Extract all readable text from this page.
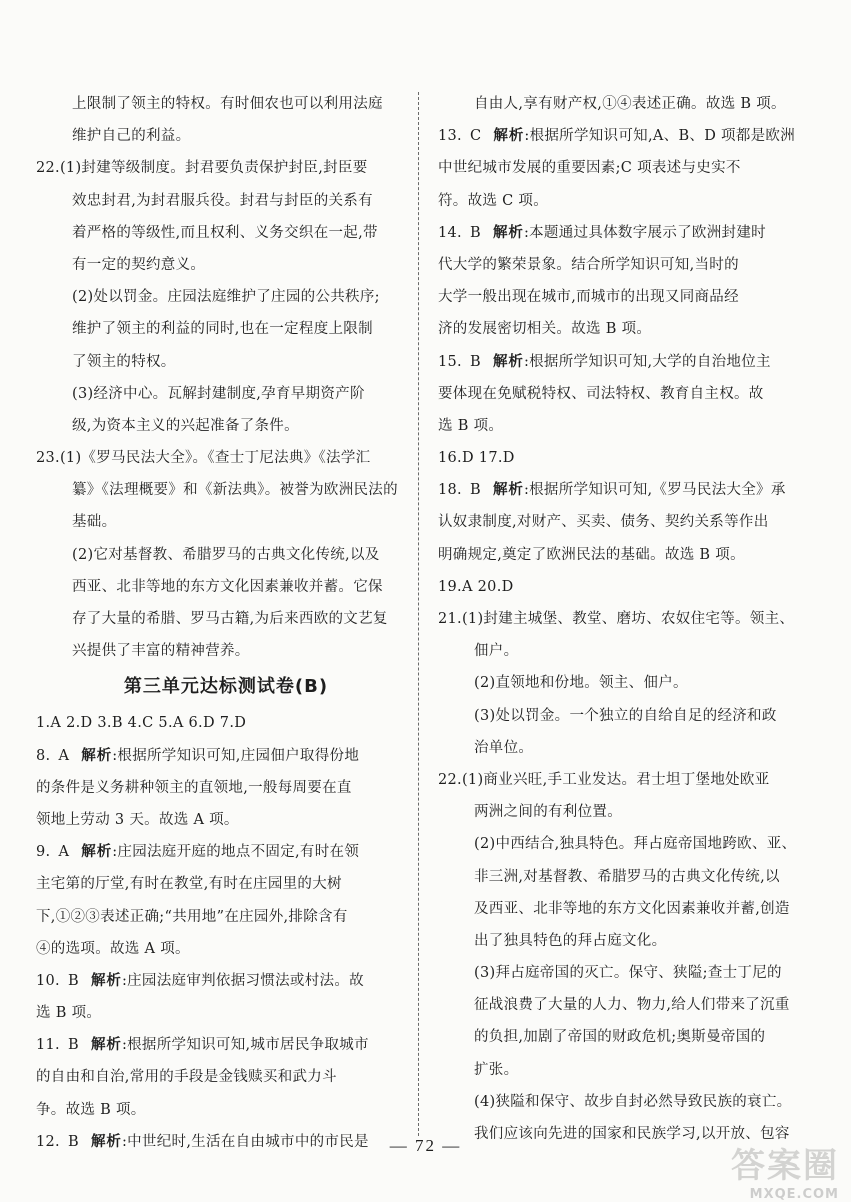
上限制了领主的特权。有时佃农也可以利用法庭
维护自己的利益。
22.(1)封建等级制度。封君要负责保护封臣,封臣要
效忠封君,为封君服兵役。封君与封臣的关系有
着严格的等级性,而且权利、义务交织在一起,带
有一定的契约意义。
(2)处以罚金。庄园法庭维护了庄园的公共秩序;
维护了领主的利益的同时,也在一定程度上限制
了领主的特权。
(3)经济中心。瓦解封建制度,孕育早期资产阶
级,为资本主义的兴起准备了条件。
23.(1)《罗马民法大全》。《查士丁尼法典》《法学汇
纂》《法理概要》和《新法典》。被誉为欧洲民法的
基础。
(2)它对基督教、希腊罗马的古典文化传统,以及
西亚、北非等地的东方文化因素兼收并蓄。它保
存了大量的希腊、罗马古籍,为后来西欧的文艺复
兴提供了丰富的精神营养。
第三单元达标测试卷(B)
1.A 2.D 3.B 4.C 5.A 6.D 7.D
8. A 解析:根据所学知识可知,庄园佃户取得份地
的条件是义务耕种领主的直领地,一般每周要在直
领地上劳动 3 天。故选 A 项。
9. A 解析:庄园法庭开庭的地点不固定,有时在领
主宅第的厅堂,有时在教堂,有时在庄园里的大树
下,①②③表述正确;“共用地”在庄园外,排除含有
④的选项。故选 A 项。
10. B 解析:庄园法庭审判依据习惯法或村法。故
选 B 项。
11. B 解析:根据所学知识可知,城市居民争取城市
的自由和自治,常用的手段是金钱赎买和武力斗
争。故选 B 项。
12. B 解析:中世纪时,生活在自由城市中的市民是
自由人,享有财产权,①④表述正确。故选 B 项。
13. C 解析:根据所学知识可知,A、B、D 项都是欧洲
中世纪城市发展的重要因素;C 项表述与史实不
符。故选 C 项。
14. B 解析:本题通过具体数字展示了欧洲封建时
代大学的繁荣景象。结合所学知识可知,当时的
大学一般出现在城市,而城市的出现又同商品经
济的发展密切相关。故选 B 项。
15. B 解析:根据所学知识可知,大学的自治地位主
要体现在免赋税特权、司法特权、教育自主权。故
选 B 项。
16.D 17.D
18. B 解析:根据所学知识可知,《罗马民法大全》承
认奴隶制度,对财产、买卖、债务、契约关系等作出
明确规定,奠定了欧洲民法的基础。故选 B 项。
19.A 20.D
21.(1)封建主城堡、教堂、磨坊、农奴住宅等。领主、
佃户。
(2)直领地和份地。领主、佃户。
(3)处以罚金。一个独立的自给自足的经济和政
治单位。
22.(1)商业兴旺,手工业发达。君士坦丁堡地处欧亚
两洲之间的有利位置。
(2)中西结合,独具特色。拜占庭帝国地跨欧、亚、
非三洲,对基督教、希腊罗马的古典文化传统,以
及西亚、北非等地的东方文化因素兼收并蓄,创造
出了独具特色的拜占庭文化。
(3)拜占庭帝国的灭亡。保守、狭隘;查士丁尼的
征战浪费了大量的人力、物力,给人们带来了沉重
的负担,加剧了帝国的财政危机;奥斯曼帝国的
扩张。
(4)狭隘和保守、故步自封必然导致民族的衰亡。
我们应该向先进的国家和民族学习,以开放、包容
— 72 —
答案圈
MXQE.COM
